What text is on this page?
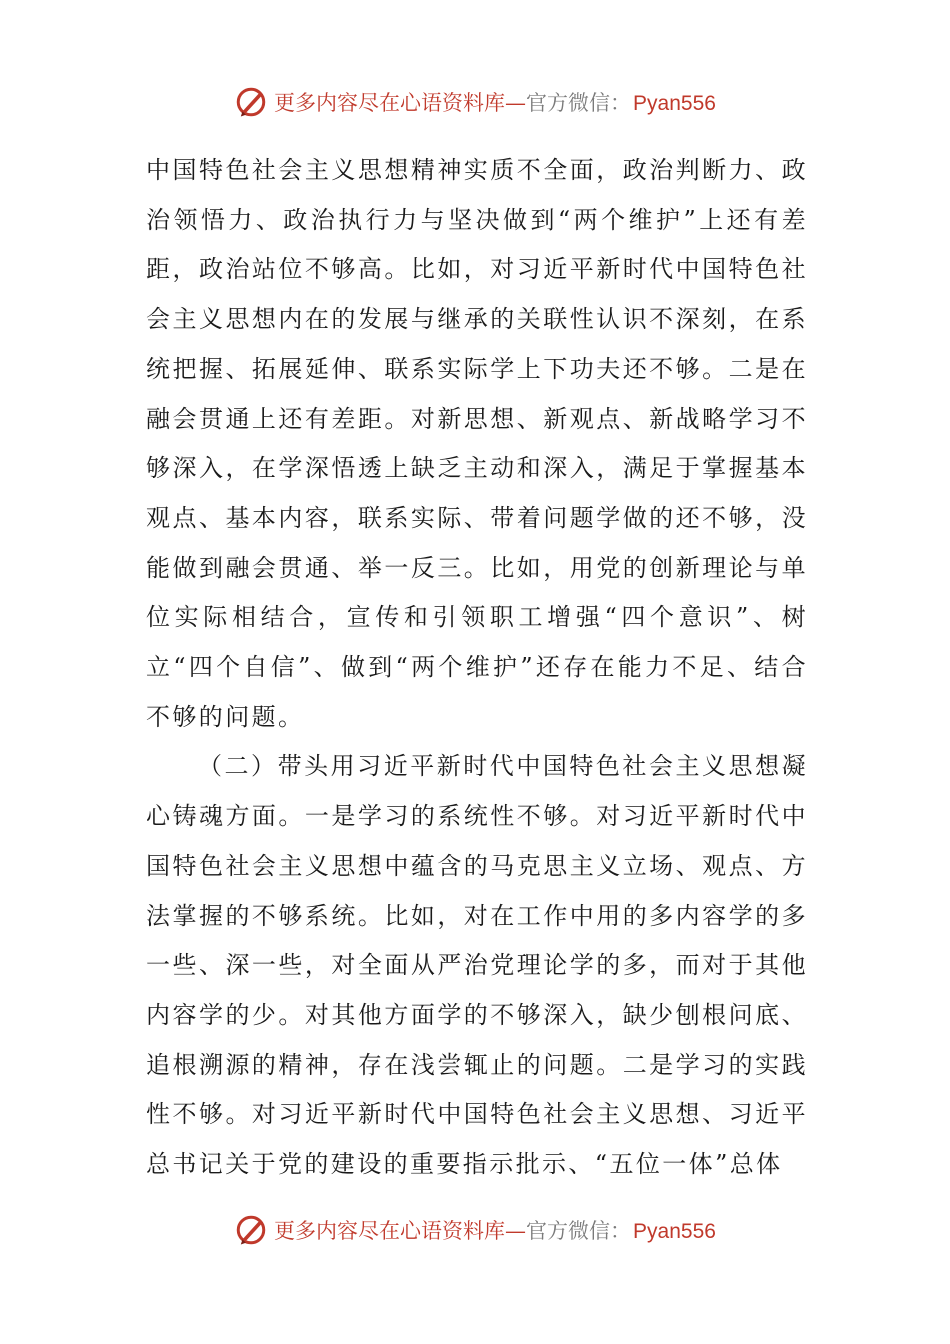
更多内容尽在心语资料库 — 官方微信： Pyan556

中国特色社会主义思想精神实质不全面，政治判断力、政治领悟力、政治执行力与坚决做到“两个维护”上还有差距，政治站位不够高。比如，对习近平新时代中国特色社会主义思想内在的发展与继承的关联性认识不深刻，在系统把握、拓展延伸、联系实际学上下功夫还不够。二是在融会贯通上还有差距。对新思想、新观点、新战略学习不够深入，在学深悟透上缺乏主动和深入，满足于掌握基本观点、基本内容，联系实际、带着问题学做的还不够，没能做到融会贯通、举一反三。比如，用党的创新理论与单位实际相结合，宣传和引领职工增强“四个意识”、树立“四个自信”、做到“两个维护”还存在能力不足、结合不够的问题。

（二）带头用习近平新时代中国特色社会主义思想凝心铸魂方面。一是学习的系统性不够。对习近平新时代中国特色社会主义思想中蕴含的马克思主义立场、观点、方法掌握的不够系统。比如，对在工作中用的多内容学的多一些、深一些，对全面从严治党理论学的多，而对于其他内容学的少。对其他方面学的不够深入，缺少刨根问底、追根溯源的精神，存在浅尝辄止的问题。二是学习的实践性不够。对习近平新时代中国特色社会主义思想、习近平总书记关于党的建设的重要指示批示、“五位一体”总体

更多内容尽在心语资料库 — 官方微信： Pyan556
